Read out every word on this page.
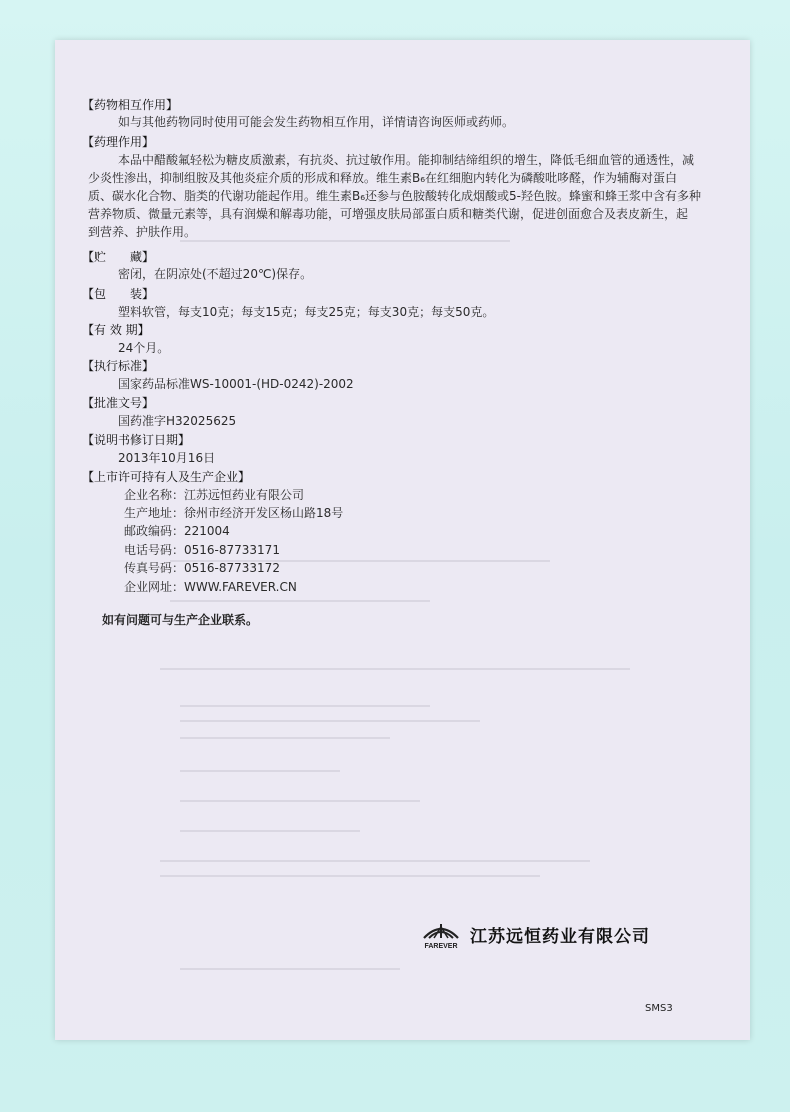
【药物相互作用】
如与其他药物同时使用可能会发生药物相互作用，详情请咨询医师或药师。
【药理作用】
本品中醋酸氟轻松为糖皮质激素，有抗炎、抗过敏作用。能抑制结缔组织的增生，降低毛细血管的通透性，减
少炎性渗出，抑制组胺及其他炎症介质的形成和释放。维生素B₆在红细胞内转化为磷酸吡哆醛，作为辅酶对蛋白
质、碳水化合物、脂类的代谢功能起作用。维生素B₆还参与色胺酸转化成烟酸或5-羟色胺。蜂蜜和蜂王浆中含有多种
营养物质、微量元素等，具有润燥和解毒功能，可增强皮肤局部蛋白质和糖类代谢，促进创面愈合及表皮新生，起
到营养、护肤作用。
【贮　　藏】
密闭，在阴凉处(不超过20℃)保存。
【包　　装】
塑料软管，每支10克；每支15克；每支25克；每支30克；每支50克。
【有 效 期】
24个月。
【执行标准】
国家药品标准WS-10001-(HD-0242)-2002
【批准文号】
国药准字H32025625
【说明书修订日期】
2013年10月16日
【上市许可持有人及生产企业】
企业名称：江苏远恒药业有限公司
生产地址：徐州市经济开发区杨山路18号
邮政编码：221004
电话号码：0516-87733171
传真号码：0516-87733172
企业网址：WWW.FAREVER.CN
如有问题可与生产企业联系。
FAREVER 江苏远恒药业有限公司
SMS3
